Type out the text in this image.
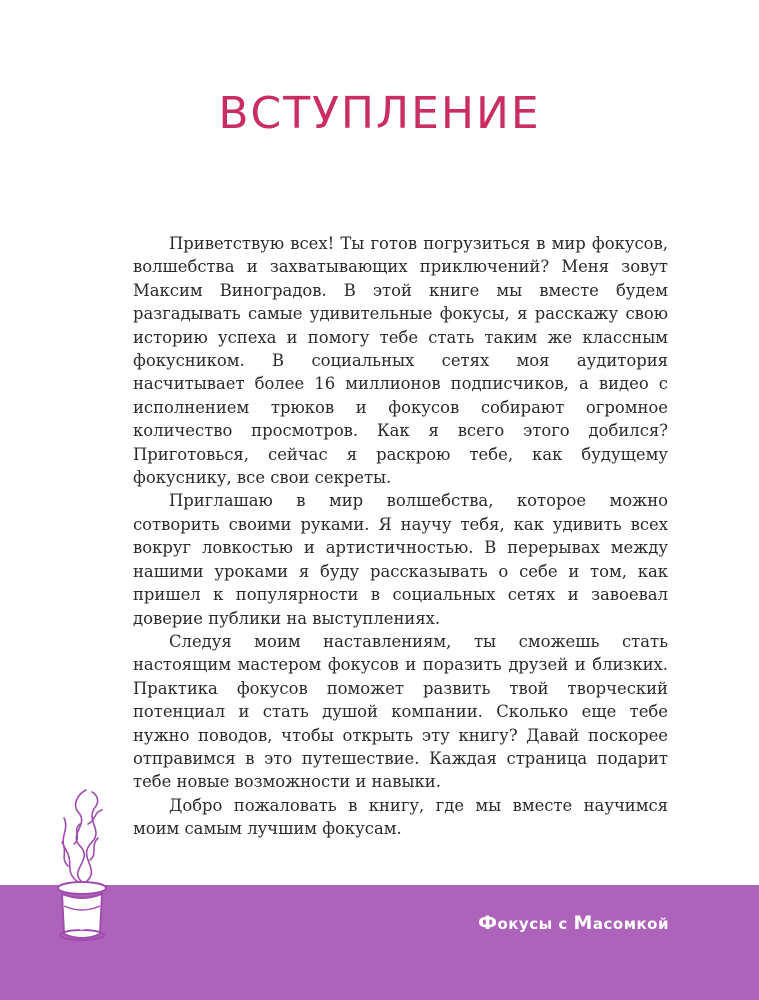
ВСТУПЛЕНИЕ

Приветствую всех! Ты готов погрузиться в мир фокусов, волшебства и захватывающих приключений? Меня зовут Максим Виноградов. В этой книге мы вместе будем разгадывать самые удивительные фокусы, я расскажу свою историю успеха и помогу тебе стать таким же классным фокусником. В социальных сетях моя аудитория насчитывает более 16 миллионов подписчиков, а видео с исполнением трюков и фокусов собирают огромное количество просмотров. Как я всего этого добился? Приготовься, сейчас я раскрою тебе, как будущему фокуснику, все свои секреты.

Приглашаю в мир волшебства, которое можно сотворить своими руками. Я научу тебя, как удивить всех вокруг ловкостью и артистичностью. В перерывах между нашими уроками я буду рассказывать о себе и том, как пришел к популярности в социальных сетях и завоевал доверие публики на выступлениях.

Следуя моим наставлениям, ты сможешь стать настоящим мастером фокусов и поразить друзей и близких. Практика фокусов поможет развить твой творческий потенциал и стать душой компании. Сколько еще тебе нужно поводов, чтобы открыть эту книгу? Давай поскорее отправимся в это путешествие. Каждая страница подарит тебе новые возможности и навыки.

Добро пожаловать в книгу, где мы вместе научимся моим самым лучшим фокусам.

Фокусы с Масомкой
8
